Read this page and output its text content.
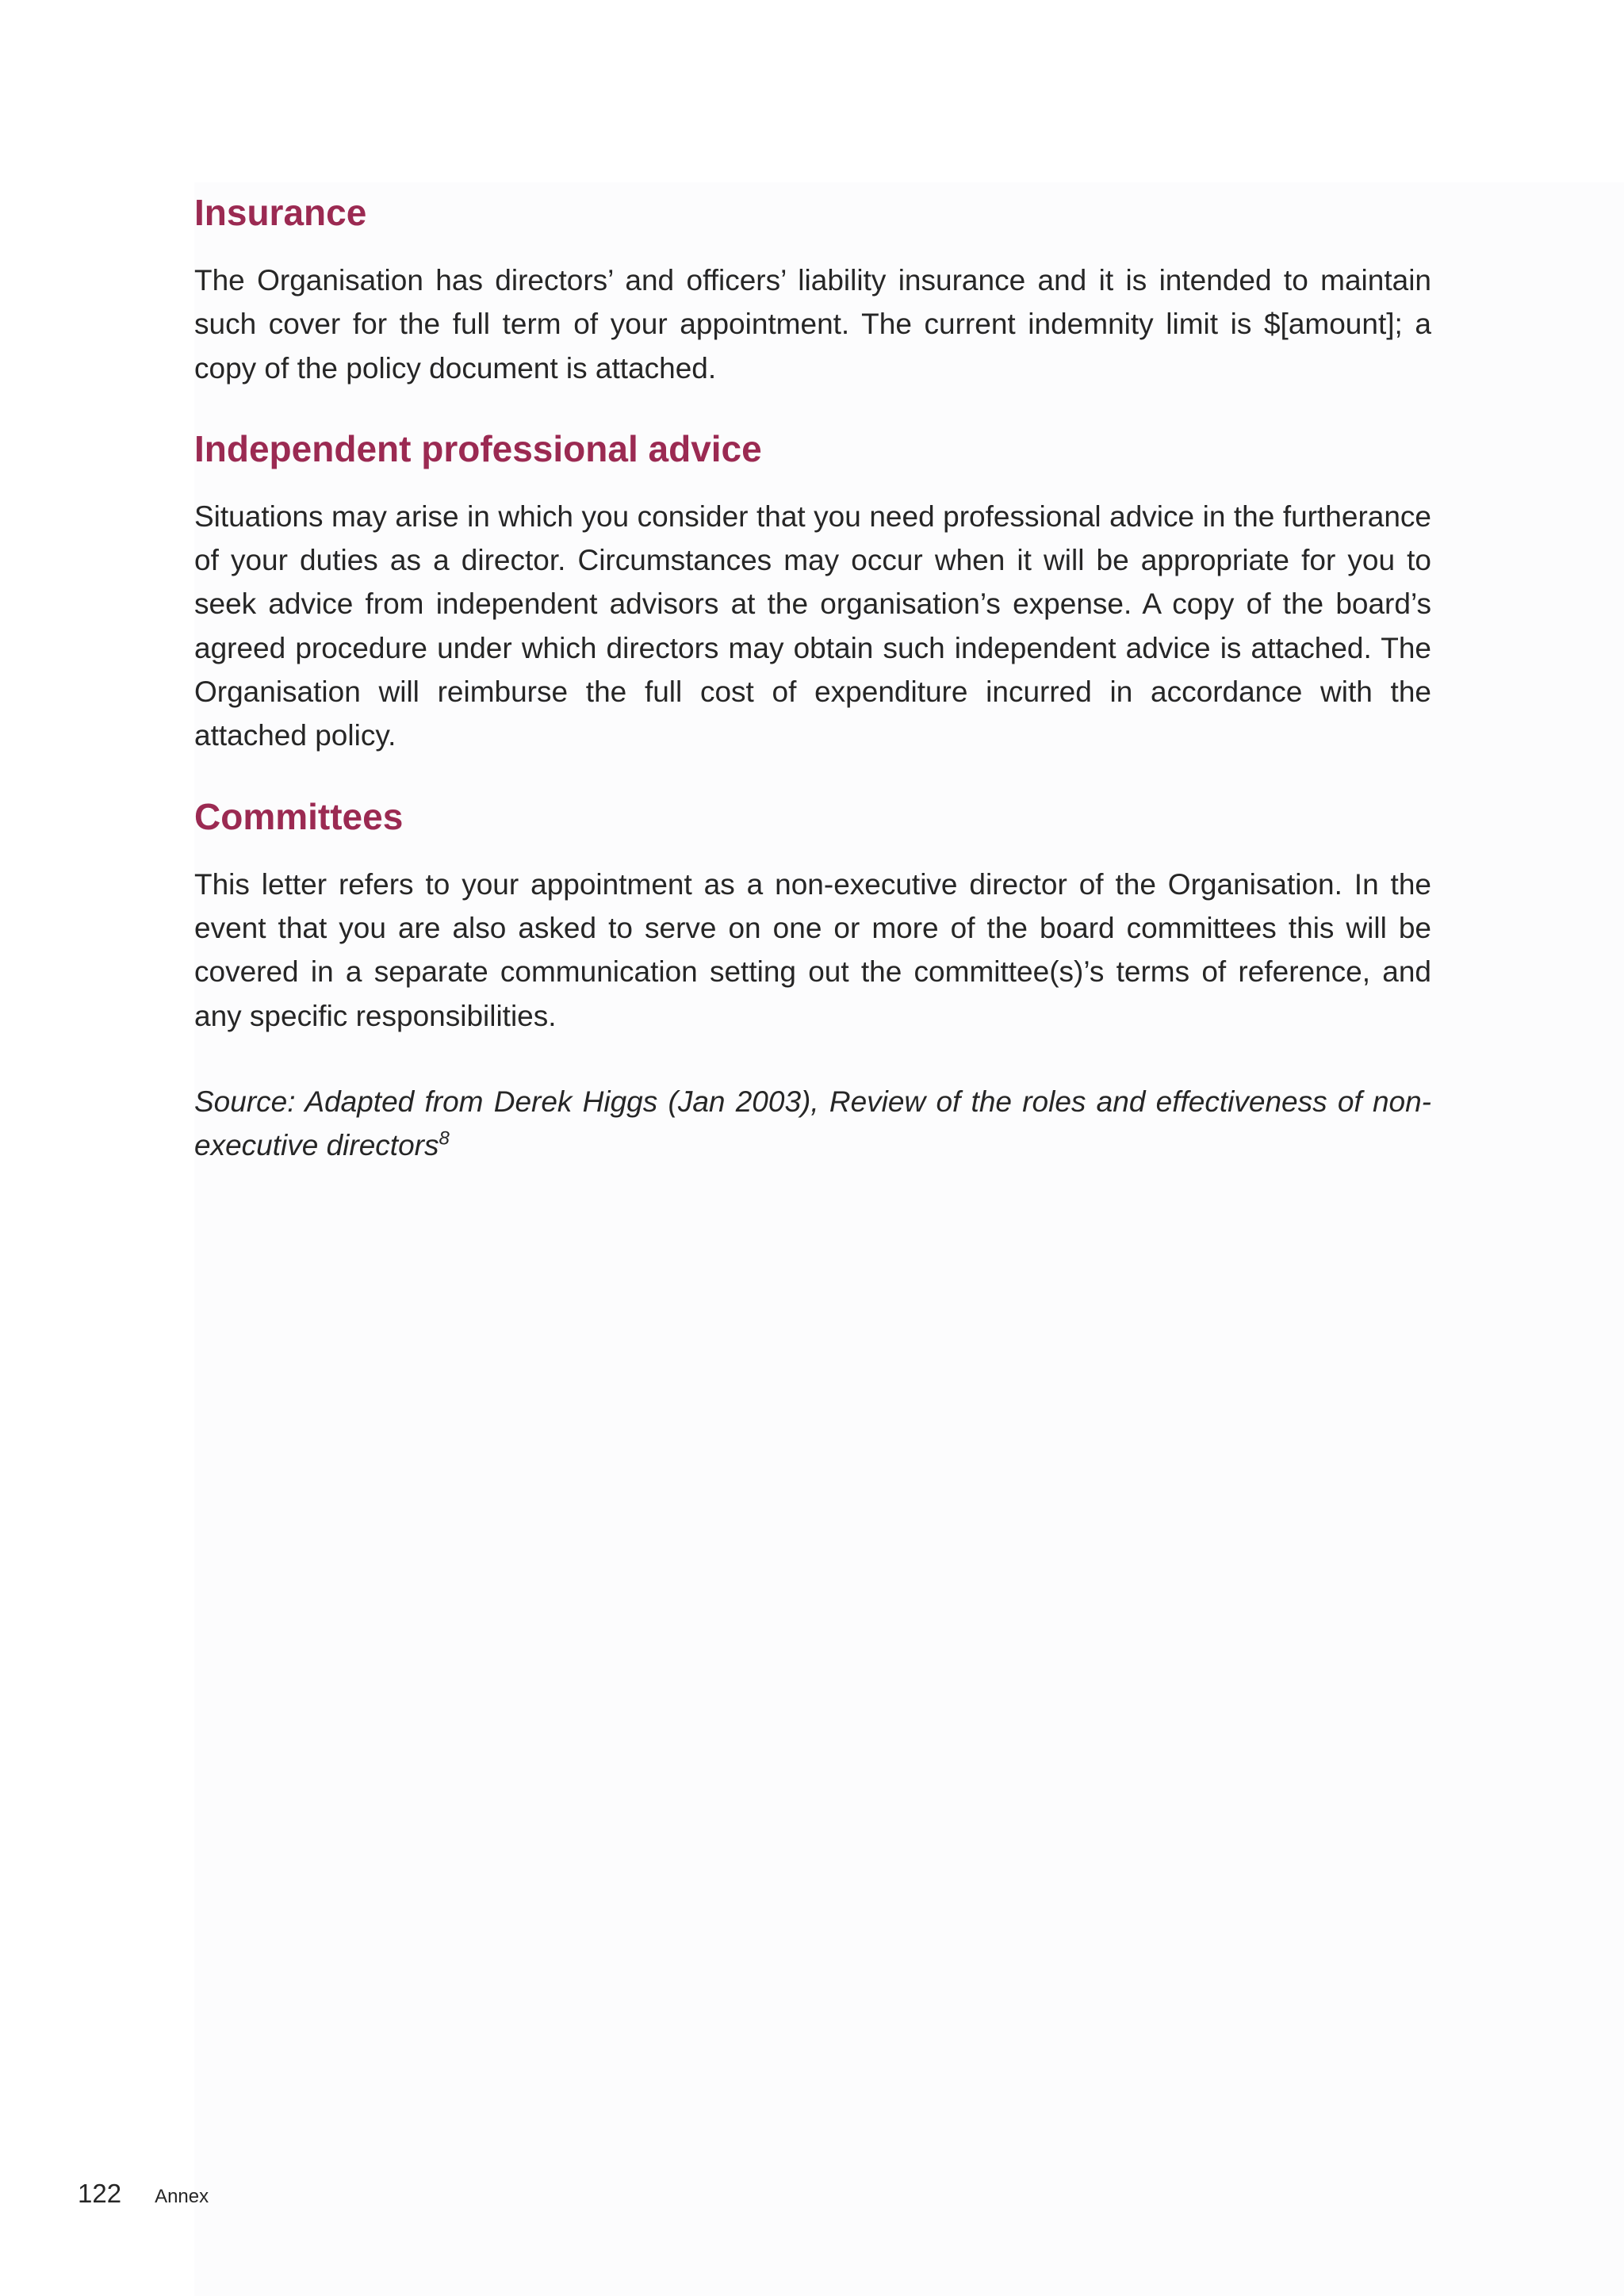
Insurance

The Organisation has directors’ and officers’ liability insurance and it is intended to maintain such cover for the full term of your appointment. The current indemnity limit is $[amount]; a copy of the policy document is attached.

Independent professional advice

Situations may arise in which you consider that you need professional advice in the furtherance of your duties as a director. Circumstances may occur when it will be appropriate for you to seek advice from independent advisors at the organisation’s expense. A copy of the board’s agreed procedure under which directors may obtain such independent advice is attached. The Organisation will reimburse the full cost of expenditure incurred in accordance with the attached policy.

Committees

This letter refers to your appointment as a non-executive director of the Organisation. In the event that you are also asked to serve on one or more of the board committees this will be covered in a separate communication setting out the committee(s)’s terms of reference, and any specific responsibilities.

Source: Adapted from Derek Higgs (Jan 2003), Review of the roles and effectiveness of non-executive directors$^8$

122 Annex
